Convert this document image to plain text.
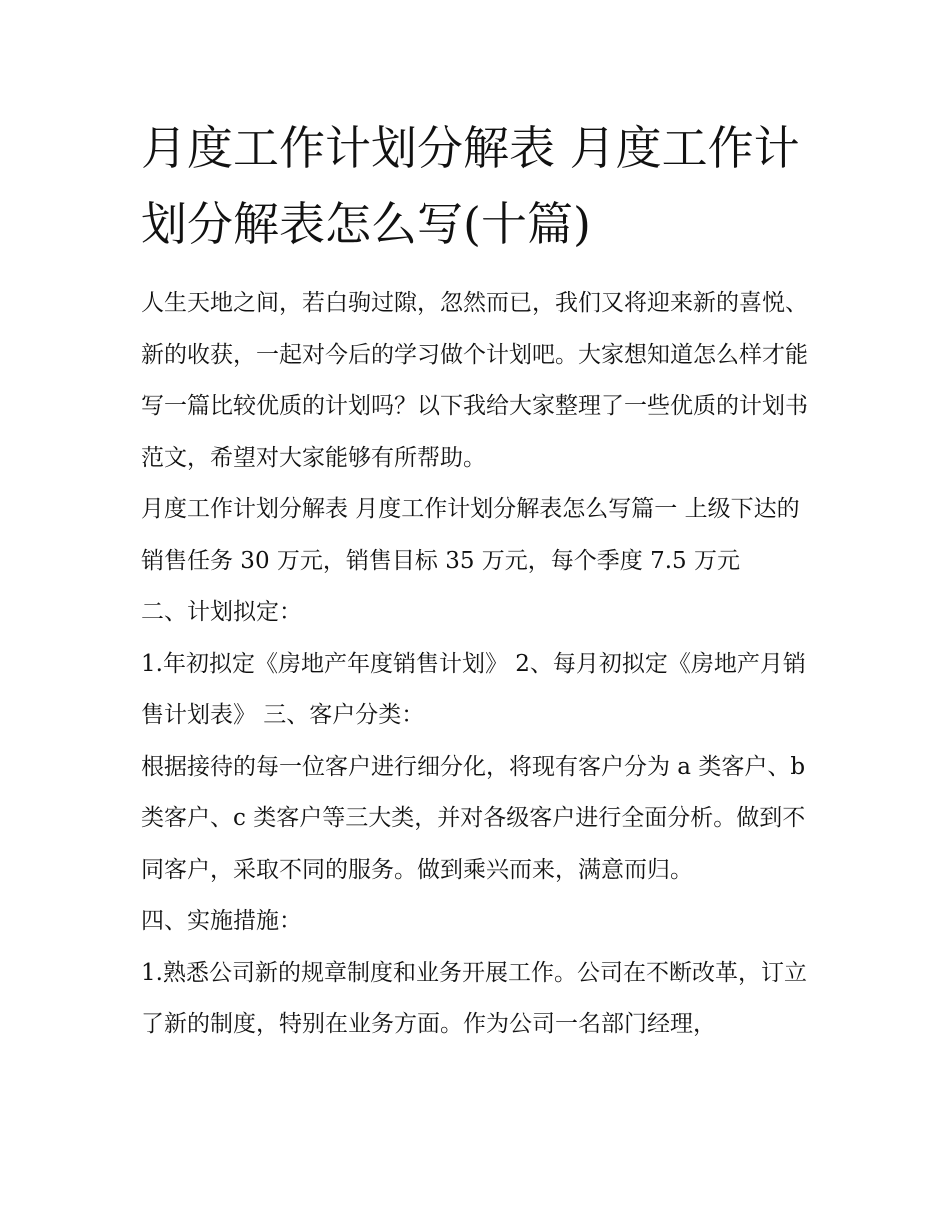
月度工作计划分解表 月度工作计划分解表怎么写(十篇)

人生天地之间，若白驹过隙，忽然而已，我们又将迎来新的喜悦、新的收获，一起对今后的学习做个计划吧。大家想知道怎么样才能写一篇比较优质的计划吗？以下我给大家整理了一些优质的计划书范文，希望对大家能够有所帮助。

月度工作计划分解表 月度工作计划分解表怎么写篇一 上级下达的销售任务 30 万元，销售目标 35 万元，每个季度 7.5 万元

二、计划拟定：

1.年初拟定《房地产年度销售计划》 2、每月初拟定《房地产月销售计划表》 三、客户分类：

根据接待的每一位客户进行细分化，将现有客户分为 a 类客户、b 类客户、c 类客户等三大类，并对各级客户进行全面分析。做到不同客户，采取不同的服务。做到乘兴而来，满意而归。

四、实施措施：

1.熟悉公司新的规章制度和业务开展工作。公司在不断改革，订立了新的制度，特别在业务方面。作为公司一名部门经理，
